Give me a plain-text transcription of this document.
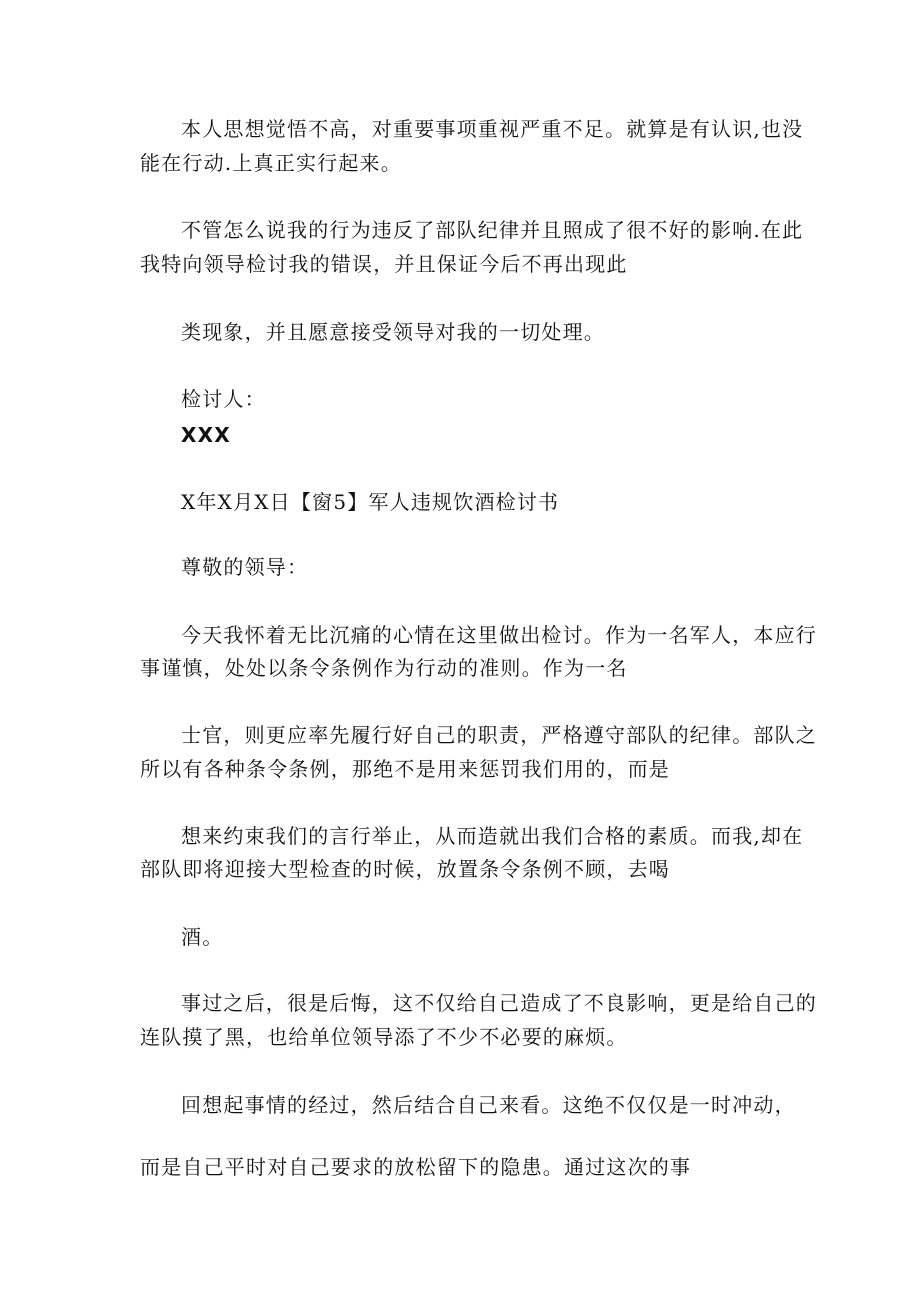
本人思想觉悟不高，对重要事项重视严重不足。就算是有认识,也没
能在行动.上真正实行起来。
不管怎么说我的行为违反了部队纪律并且照成了很不好的影响.在此
我特向领导检讨我的错误，并且保证今后不再出现此
类现象，并且愿意接受领导对我的一切处理。
检讨人：
XXX
X年X月X日【窗5】军人违规饮酒检讨书
尊敬的领导：
今天我怀着无比沉痛的心情在这里做出检讨。作为一名军人，本应行
事谨慎，处处以条令条例作为行动的准则。作为一名
士官，则更应率先履行好自己的职责，严格遵守部队的纪律。部队之
所以有各种条令条例，那绝不是用来惩罚我们用的，而是
想来约束我们的言行举止，从而造就出我们合格的素质。而我,却在
部队即将迎接大型检查的时候，放置条令条例不顾，去喝
酒。
事过之后，很是后悔，这不仅给自己造成了不良影响，更是给自己的
连队摸了黑，也给单位领导添了不少不必要的麻烦。
回想起事情的经过，然后结合自己来看。这绝不仅仅是一时冲动，
而是自己平时对自己要求的放松留下的隐患。通过这次的事
